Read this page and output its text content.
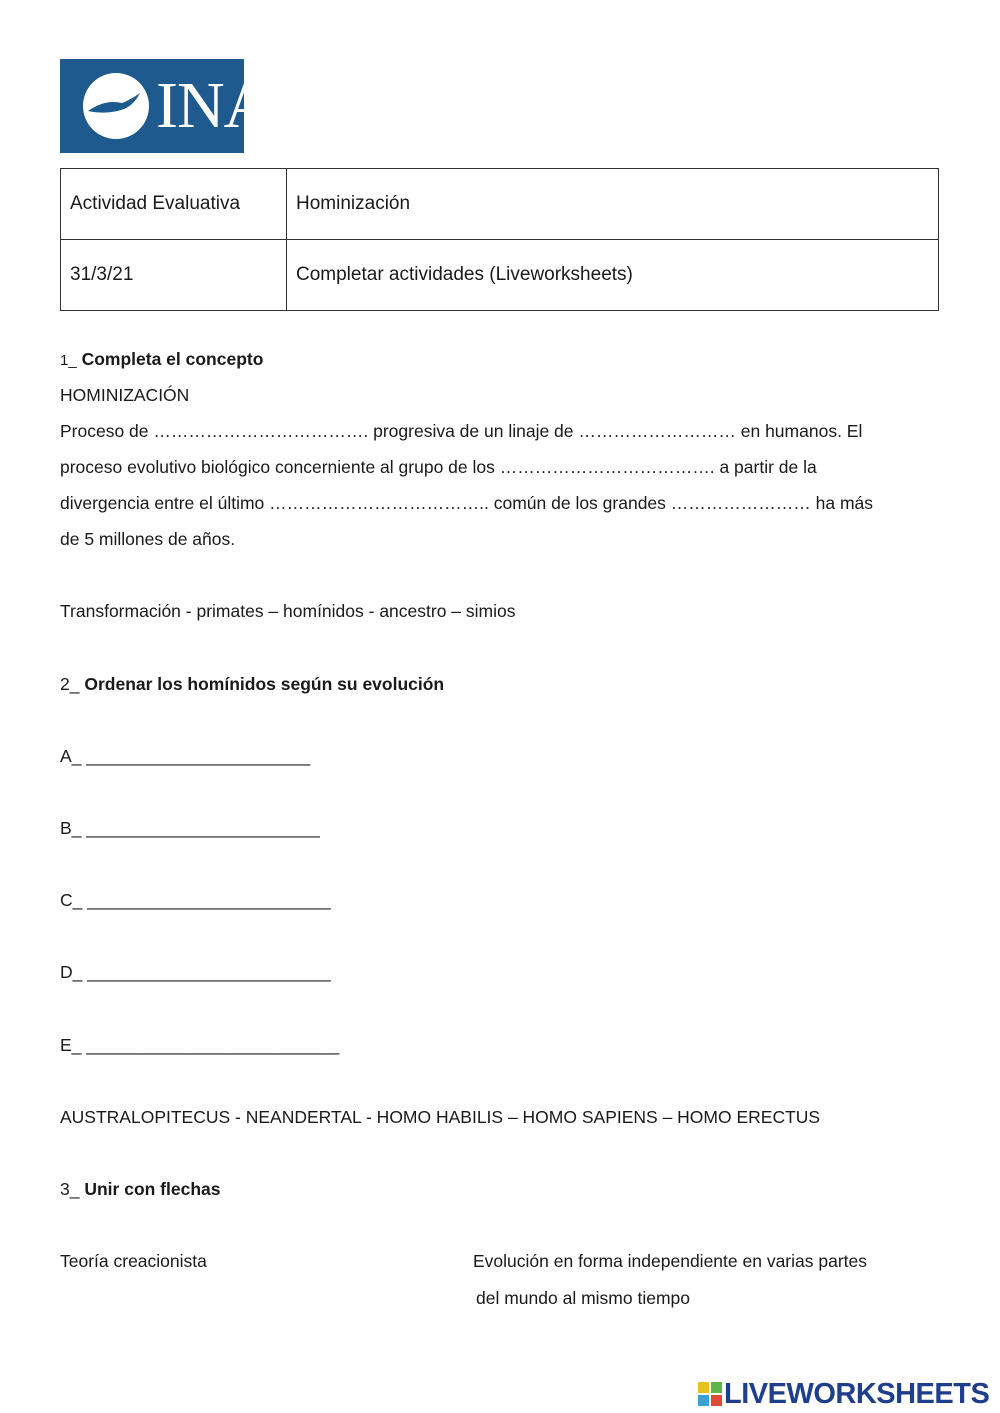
INA
Actividad Evaluativa	Hominización
31/3/21	Completar actividades (Liveworksheets)
1_ Completa el concepto
HOMINIZACIÓN
Proceso de ………………………………. progresiva de un linaje de ……………………… en humanos. El
proceso evolutivo biológico concerniente al grupo de los ………………………………. a partir de la
divergencia entre el último ……………………………….. común de los grandes …………………… ha más
de 5 millones de años.
Transformación - primates – homínidos - ancestro – simios
2_ Ordenar los homínidos según su evolución
A_ _______________________
B_ ________________________
C_ _________________________
D_ _________________________
E_ __________________________
AUSTRALOPITECUS - NEANDERTAL - HOMO HABILIS – HOMO SAPIENS – HOMO ERECTUS
3_ Unir con flechas
Teoría creacionista	Evolución en forma independiente en varias partes
del mundo al mismo tiempo
LIVEWORKSHEETS
